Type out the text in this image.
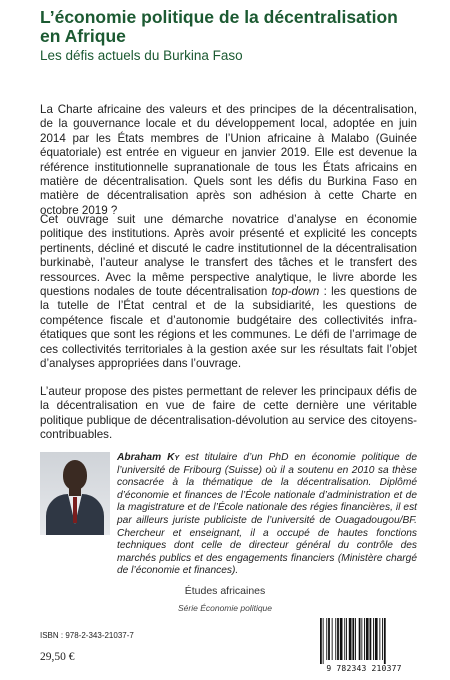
L’économie politique de la décentralisation en Afrique
Les défis actuels du Burkina Faso

La Charte africaine des valeurs et des principes de la décentralisation, de la gouvernance locale et du développement local, adoptée en juin 2014 par les États membres de l’Union africaine à Malabo (Guinée équatoriale) est entrée en vigueur en janvier 2019. Elle est devenue la référence institutionnelle supranationale de tous les États africains en matière de décentralisation. Quels sont les défis du Burkina Faso en matière de décentralisation après son adhésion à cette Charte en octobre 2019 ?

Cet ouvrage suit une démarche novatrice d’analyse en économie politique des institutions. Après avoir présenté et explicité les concepts pertinents, décliné et discuté le cadre institutionnel de la décentralisation burkinabè, l’auteur analyse le transfert des tâches et le transfert des ressources. Avec la même perspective analytique, le livre aborde les questions nodales de toute décentralisation top-down : les questions de la tutelle de l’État central et de la subsidiarité, les questions de compétence fiscale et d’autonomie budgétaire des collectivités infra-étatiques que sont les régions et les communes. Le défi de l’arrimage de ces collectivités territoriales à la gestion axée sur les résultats fait l’objet d’analyses appropriées dans l’ouvrage.

L’auteur propose des pistes permettant de relever les principaux défis de la décentralisation en vue de faire de cette dernière une véritable politique publique de décentralisation-dévolution au service des citoyens-contribuables.

Abraham Ky est titulaire d’un PhD en économie politique de l’université de Fribourg (Suisse) où il a soutenu en 2010 sa thèse consacrée à la thématique de la décentralisation. Diplômé d’économie et finances de l’École nationale d’administration et de la magistrature et de l’École nationale des régies financières, il est par ailleurs juriste publiciste de l’université de Ouagadougou/BF. Chercheur et enseignant, il a occupé de hautes fonctions techniques dont celle de directeur général du contrôle des marchés publics et des engagements financiers (Ministère chargé de l’économie et finances).

Études africaines
Série Économie politique
ISBN : 978-2-343-21037-7
29,50 €
9 782343 210377
